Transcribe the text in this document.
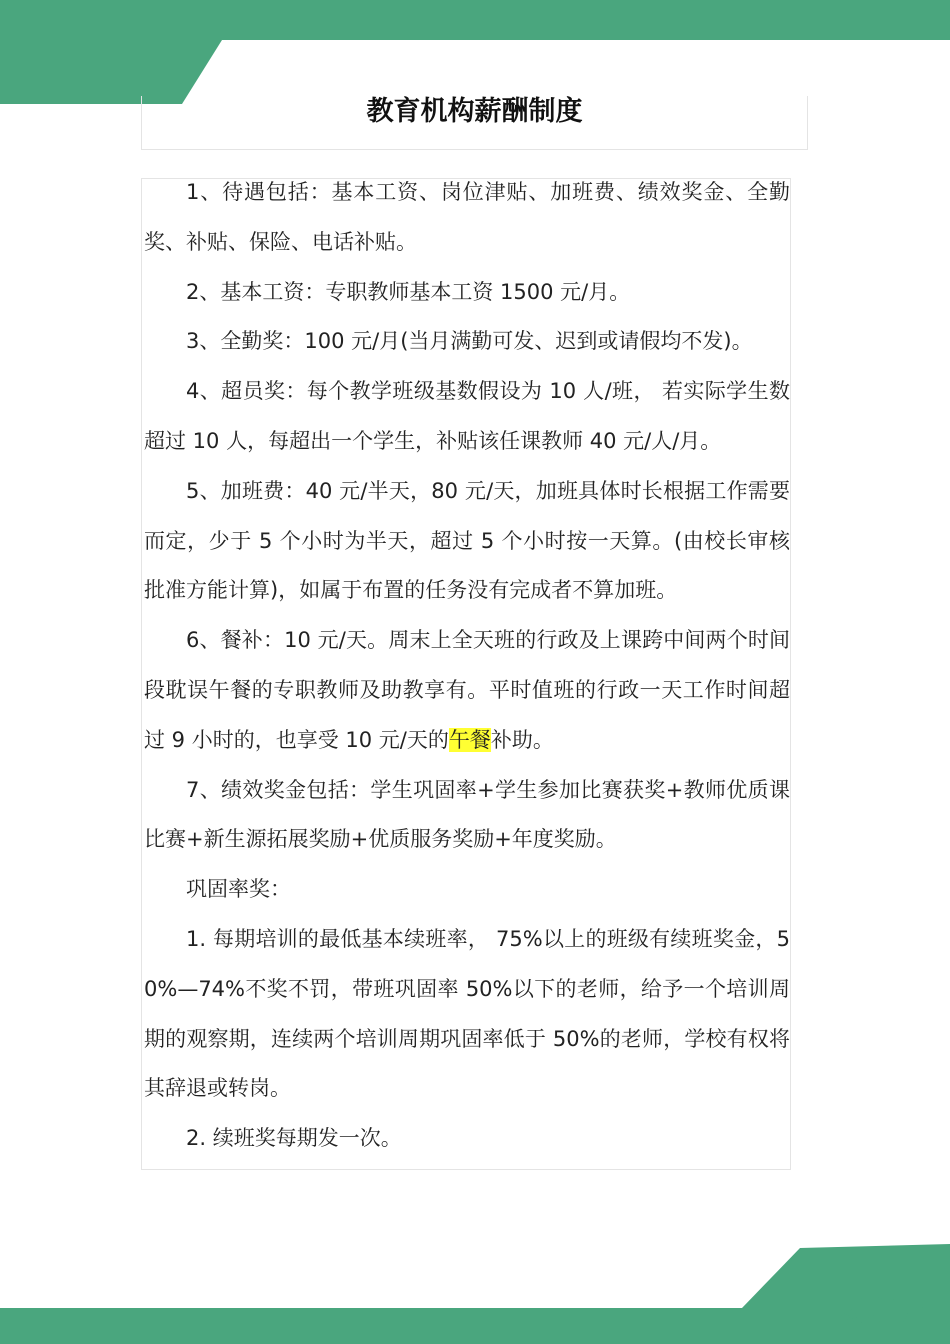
教育机构薪酬制度

1、待遇包括：基本工资、岗位津贴、加班费、绩效奖金、全勤奖、补贴、保险、电话补贴。

2、基本工资：专职教师基本工资 1500 元/月。

3、全勤奖：100 元/月(当月满勤可发、迟到或请假均不发)。

4、超员奖：每个教学班级基数假设为 10 人/班， 若实际学生数超过 10 人，每超出一个学生，补贴该任课教师 40 元/人/月。

5、加班费：40 元/半天，80 元/天，加班具体时长根据工作需要而定，少于 5 个小时为半天，超过 5 个小时按一天算。(由校长审核批准方能计算)，如属于布置的任务没有完成者不算加班。

6、餐补：10 元/天。周末上全天班的行政及上课跨中间两个时间段耽误午餐的专职教师及助教享有。平时值班的行政一天工作时间超过 9 小时的，也享受 10 元/天的午餐补助。

7、绩效奖金包括：学生巩固率+学生参加比赛获奖+教师优质课比赛+新生源拓展奖励+优质服务奖励+年度奖励。

巩固率奖：

1. 每期培训的最低基本续班率， 75%以上的班级有续班奖金，50%—74%不奖不罚，带班巩固率 50%以下的老师，给予一个培训周期的观察期，连续两个培训周期巩固率低于 50%的老师，学校有权将其辞退或转岗。

2. 续班奖每期发一次。

易职升
